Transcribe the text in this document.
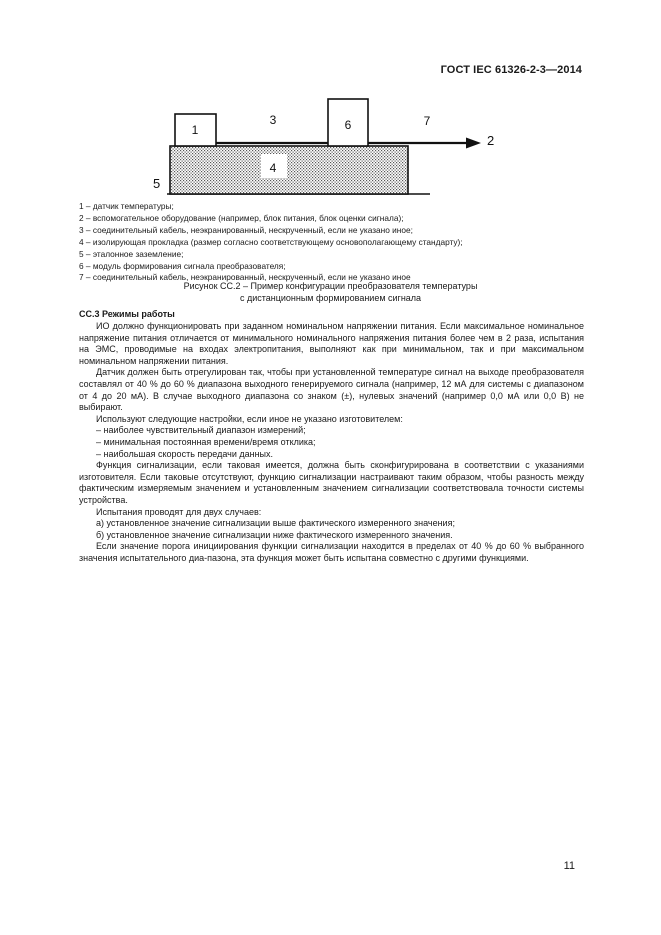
ГОСТ IEC 61326-2-3—2014
1
3	6	7
2
4
5
1 – датчик температуры;
2 – вспомогательное оборудование (например, блок питания, блок оценки сигнала);
3 – соединительный кабель, неэкранированный, нескрученный, если не указано иное;
4 – изолирующая прокладка (размер согласно соответствующему основополагающему стандарту);
5 – эталонное заземление;
6 – модуль формирования сигнала преобразователя;
7 – соединительный кабель, неэкранированный, нескрученный, если не указано иное
Рисунок СС.2 – Пример конфигурации преобразователя температуры
с дистанционным формированием сигнала
СС.3 Режимы работы

ИО должно функционировать при заданном номинальном напряжении питания. Если максимальное номинальное напряжение питания отличается от минимального номинального напряжения питания более чем в 2 раза, испытания на ЭМС, проводимые на входах электропитания, выполняют как при минимальном, так и при максимальном номинальном напряжении питания.

Датчик должен быть отрегулирован так, чтобы при установленной температуре сигнал на выходе преобразователя составлял от 40 % до 60 % диапазона выходного генерируемого сигнала (например, 12 мА для системы с диапазоном от 4 до 20 мА). В случае выходного диапазона со знаком (±), нулевых значений (например 0,0 мА или 0,0 В) не выбирают.

Используют следующие настройки, если иное не указано изготовителем:

– наиболее чувствительный диапазон измерений;

– минимальная постоянная времени/время отклика;

– наибольшая скорость передачи данных.

Функция сигнализации, если таковая имеется, должна быть сконфигурирована в соответствии с указаниями изготовителя. Если таковые отсутствуют, функцию сигнализации настраивают таким образом, чтобы разность между фактическим измеряемым значением и установленным значением сигнализации соответствовала точности системы устройства.

Испытания проводят для двух случаев:

а) установленное значение сигнализации выше фактического измеренного значения;

б) установленное значение сигнализации ниже фактического измеренного значения.

Если значение порога инициирования функции сигнализации находится в пределах от 40 % до 60 % выбранного значения испытательного диа-пазона, эта функция может быть испытана совместно с другими функциями.

11
